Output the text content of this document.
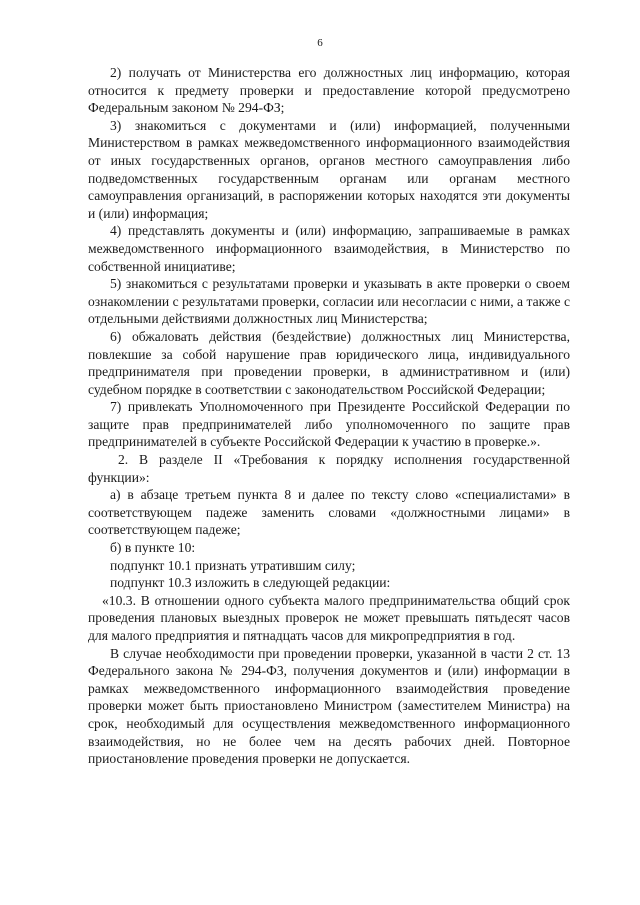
6

2) получать от Министерства его должностных лиц информацию, которая относится к предмету проверки и предоставление которой предусмотрено Федеральным законом № 294-ФЗ;

3) знакомиться с документами и (или) информацией, полученными Министерством в рамках межведомственного информационного взаимодействия от иных государственных органов, органов местного самоуправления либо подведомственных государственным органам или органам местного самоуправления организаций, в распоряжении которых находятся эти документы и (или) информация;

4) представлять документы и (или) информацию, запрашиваемые в рамках межведомственного информационного взаимодействия, в Министерство по собственной инициативе;

5) знакомиться с результатами проверки и указывать в акте проверки о своем ознакомлении с результатами проверки, согласии или несогласии с ними, а также с отдельными действиями должностных лиц Министерства;

6) обжаловать действия (бездействие) должностных лиц Министерства, повлекшие за собой нарушение прав юридического лица, индивидуального предпринимателя при проведении проверки, в административном и (или) судебном порядке в соответствии с законодательством Российской Федерации;

7) привлекать Уполномоченного при Президенте Российской Федерации по защите прав предпринимателей либо уполномоченного по защите прав предпринимателей в субъекте Российской Федерации к участию в проверке.».

2. В разделе II «Требования к порядку исполнения государственной функции»:

а) в абзаце третьем пункта 8 и далее по тексту слово «специалистами» в соответствующем падеже заменить словами «должностными лицами» в соответствующем падеже;

б) в пункте 10:

подпункт 10.1 признать утратившим силу;

подпункт 10.3 изложить в следующей редакции:

«10.3. В отношении одного субъекта малого предпринимательства общий срок проведения плановых выездных проверок не может превышать пятьдесят часов для малого предприятия и пятнадцать часов для микропредприятия в год.

В случае необходимости при проведении проверки, указанной в части 2 ст. 13 Федерального закона № 294-ФЗ, получения документов и (или) информации в рамках межведомственного информационного взаимодействия проведение проверки может быть приостановлено Министром (заместителем Министра) на срок, необходимый для осуществления межведомственного информационного взаимодействия, но не более чем на десять рабочих дней. Повторное приостановление проведения проверки не допускается.
